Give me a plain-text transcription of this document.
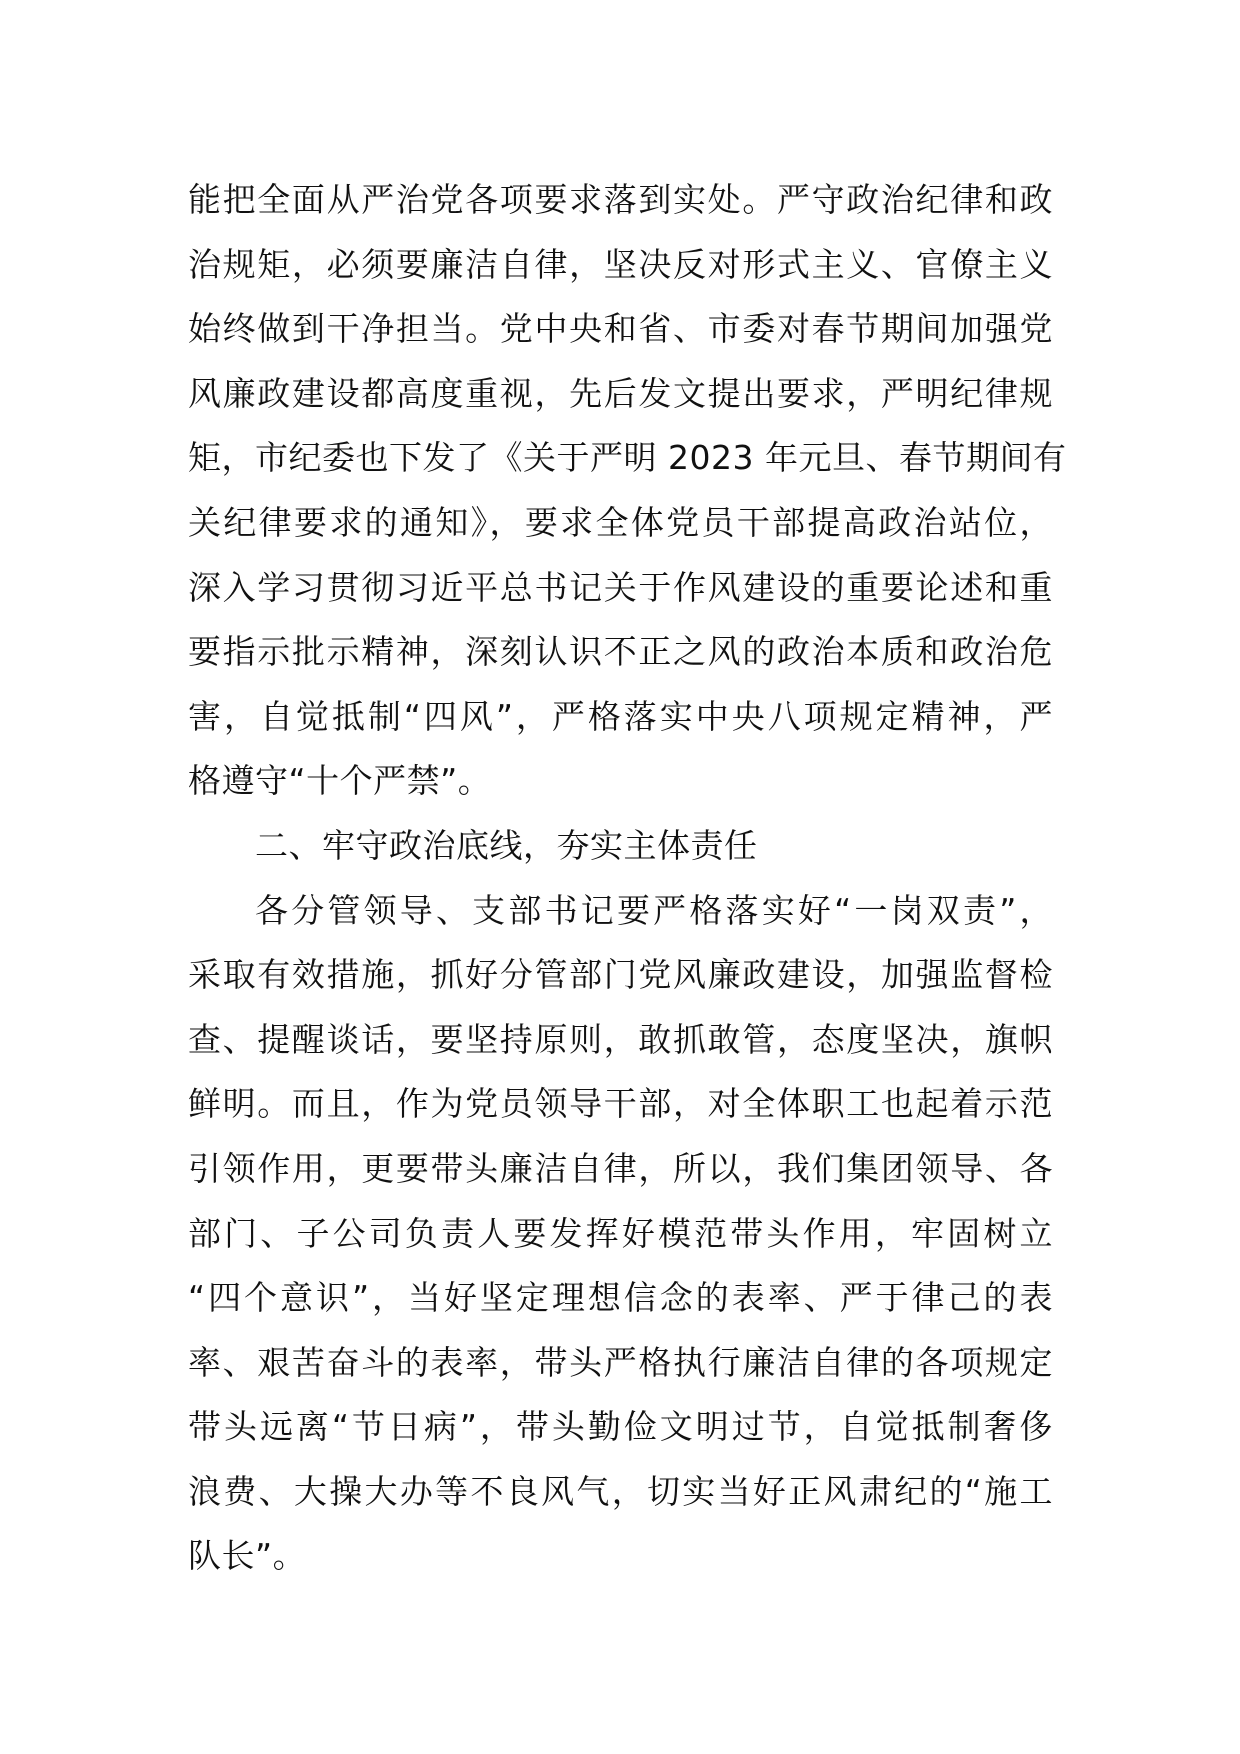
能把全面从严治党各项要求落到实处。严守政治纪律和政
治规矩，必须要廉洁自律，坚决反对形式主义、官僚主义
始终做到干净担当。党中央和省、市委对春节期间加强党
风廉政建设都高度重视，先后发文提出要求，严明纪律规
矩，市纪委也下发了《关于严明 2023 年元旦、春节期间有
关纪律要求的通知》，要求全体党员干部提高政治站位，
深入学习贯彻习近平总书记关于作风建设的重要论述和重
要指示批示精神，深刻认识不正之风的政治本质和政治危
害，自觉抵制“四风”，严格落实中央八项规定精神，严
格遵守“十个严禁”。
二、牢守政治底线，夯实主体责任
各分管领导、支部书记要严格落实好“一岗双责”，
采取有效措施，抓好分管部门党风廉政建设，加强监督检
查、提醒谈话，要坚持原则，敢抓敢管，态度坚决，旗帜
鲜明。而且，作为党员领导干部，对全体职工也起着示范
引领作用，更要带头廉洁自律，所以，我们集团领导、各
部门、子公司负责人要发挥好模范带头作用，牢固树立
“四个意识”，当好坚定理想信念的表率、严于律己的表
率、艰苦奋斗的表率，带头严格执行廉洁自律的各项规定
带头远离“节日病”，带头勤俭文明过节，自觉抵制奢侈
浪费、大操大办等不良风气，切实当好正风肃纪的“施工
队长”。
